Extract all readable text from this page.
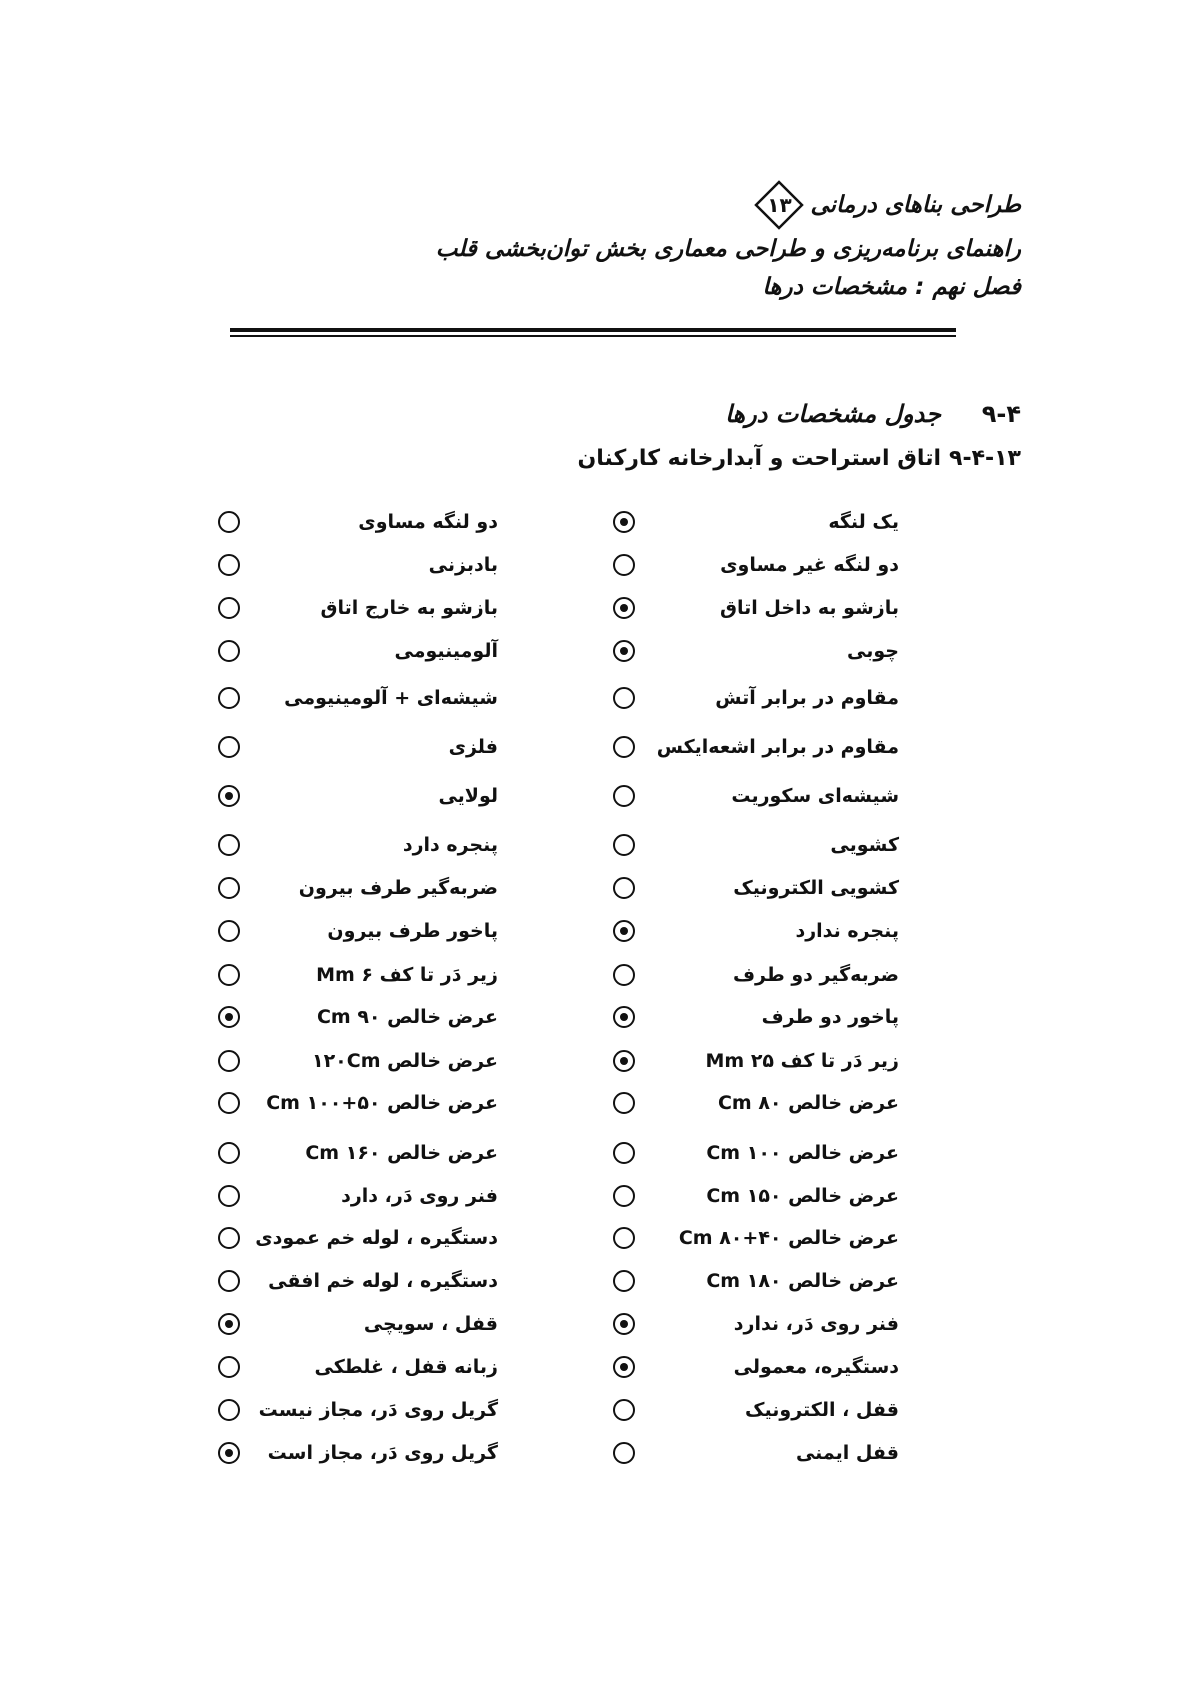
طراحی بناهای درمانی
۱۳
راهنمای برنامه‌ریزی و طراحی معماری بخش توان‌بخشی قلب
فصل نهم : مشخصات درها
۹-۴
جدول مشخصات درها
۹-۴-۱۳
اتاق استراحت و آبدارخانه کارکنان
یک لنگه
دو لنگه مساوی
دو لنگه غیر مساوی
بادبزنی
بازشو به داخل اتاق
بازشو به خارج اتاق
چوبی
آلومینیومی
مقاوم در برابر آتش
شیشه‌ای + آلومینیومی
مقاوم در برابر اشعه‌ایکس
فلزی
شیشه‌ای سکوریت
لولایی
کشویی
پنجره دارد
کشویی الکترونیک
ضربه‌گیر طرف بیرون
پنجره ندارد
پاخور طرف بیرون
ضربه‌گیر دو طرف
زیر دَر تا کف ۶ Mm
پاخور دو طرف
عرض خالص ۹۰ Cm
زیر دَر تا کف ۲۵ Mm
عرض خالص ۱۲۰Cm
عرض خالص ۸۰ Cm
عرض خالص ۵۰+۱۰۰ Cm
عرض خالص ۱۰۰ Cm
عرض خالص ۱۶۰ Cm
عرض خالص ۱۵۰ Cm
فنر روی دَر، دارد
عرض خالص ۴۰+۸۰ Cm
دستگیره ، لوله خم عمودی
عرض خالص ۱۸۰ Cm
دستگیره ، لوله خم افقی
فنر روی دَر، ندارد
قفل ، سویچی
دستگیره، معمولی
زبانه قفل ، غلطکی
قفل ، الکترونیک
گریل روی دَر، مجاز نیست
قفل ایمنی
گریل روی دَر، مجاز است
